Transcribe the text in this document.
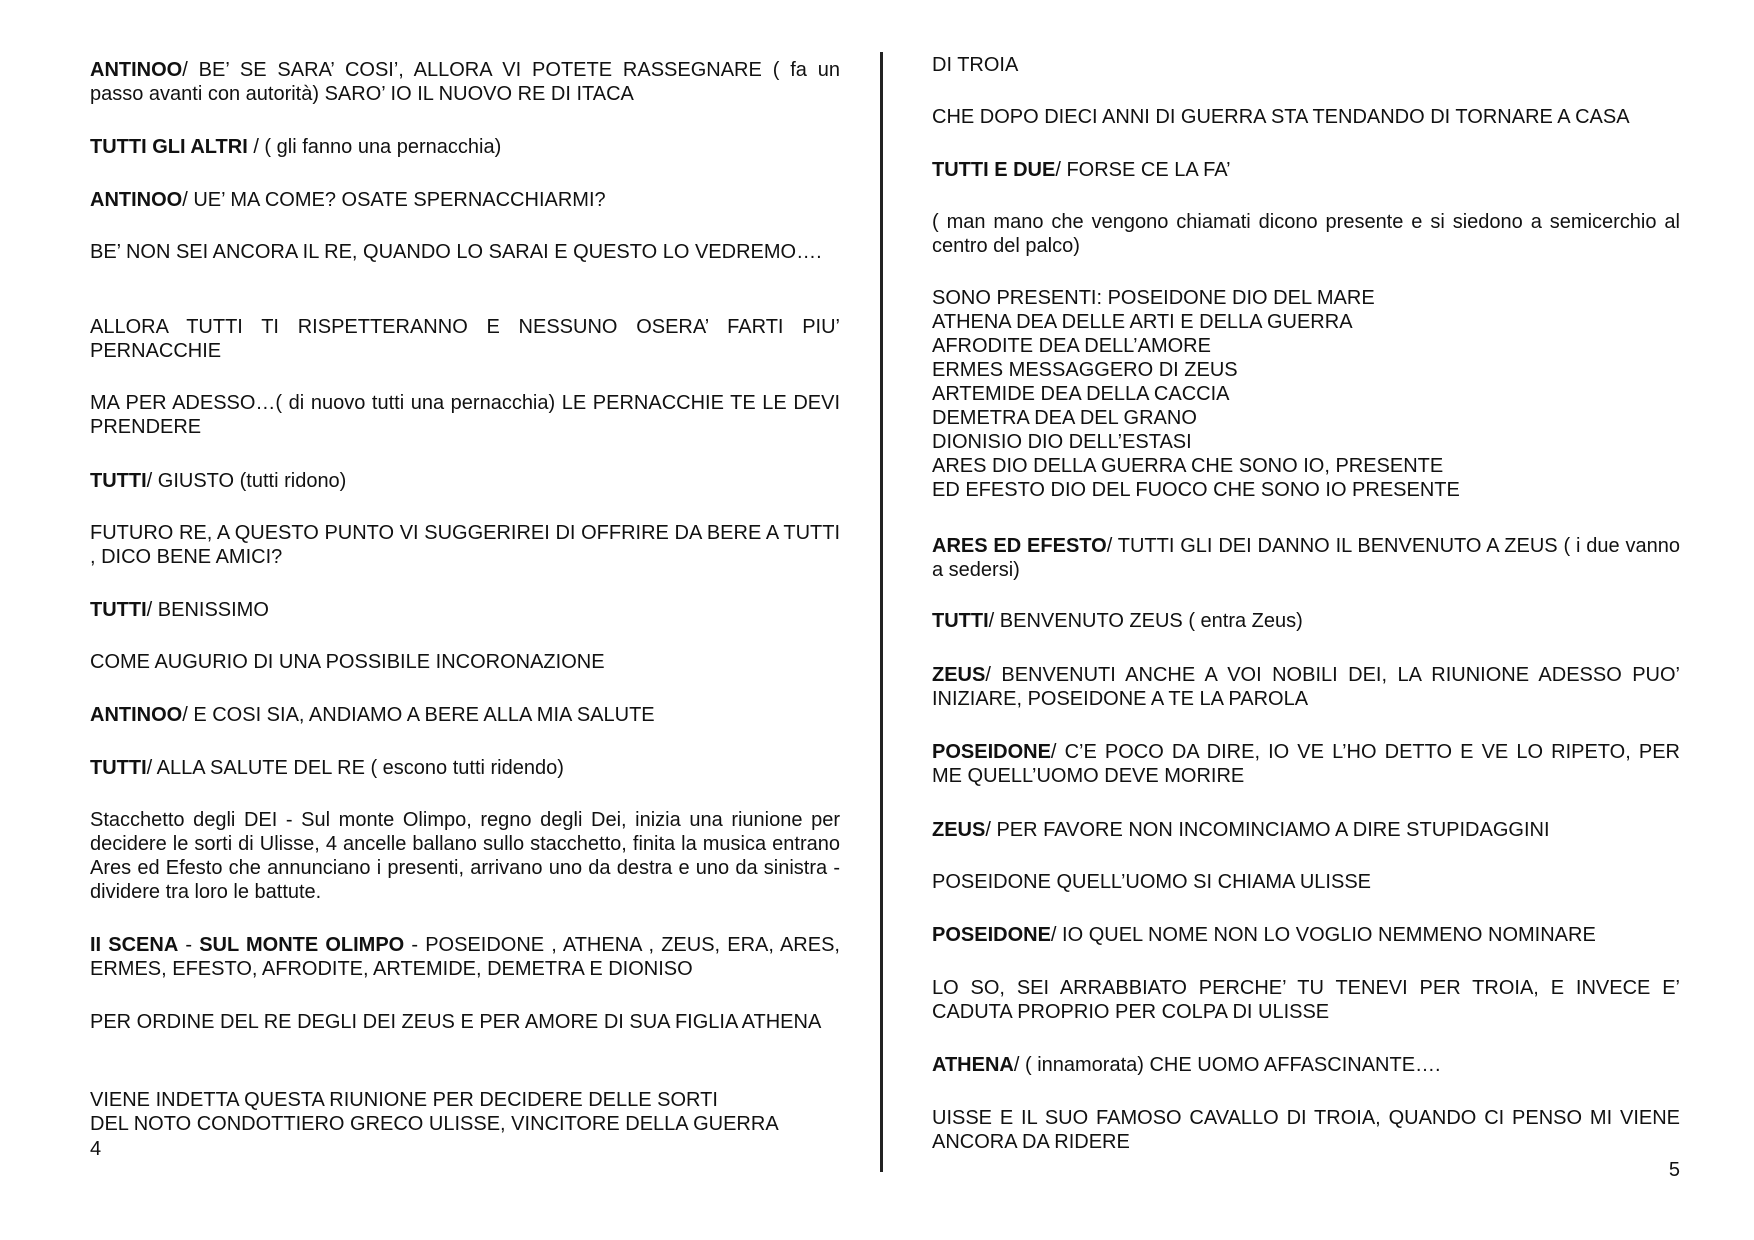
ANTINOO/ BE’ SE SARA’ COSI’, ALLORA VI POTETE RASSEGNARE ( fa un passo avanti con autorità) SARO’ IO IL NUOVO RE DI ITACA

TUTTI GLI ALTRI / ( gli fanno una pernacchia)

ANTINOO/ UE’ MA COME? OSATE SPERNACCHIARMI?

BE’ NON SEI ANCORA IL RE, QUANDO LO SARAI E QUESTO LO VEDREMO….

ALLORA TUTTI TI RISPETTERANNO E NESSUNO OSERA’ FARTI PIU’ PERNACCHIE

MA PER ADESSO…( di nuovo tutti una pernacchia) LE PERNACCHIE TE LE DEVI PRENDERE

TUTTI/ GIUSTO (tutti ridono)

FUTURO RE, A QUESTO PUNTO VI SUGGERIREI DI OFFRIRE DA BERE A TUTTI , DICO BENE AMICI?

TUTTI/ BENISSIMO

COME AUGURIO DI UNA POSSIBILE INCORONAZIONE

ANTINOO/ E COSI SIA, ANDIAMO A BERE ALLA MIA SALUTE

TUTTI/ ALLA SALUTE DEL RE ( escono tutti ridendo)

Stacchetto degli DEI - Sul monte Olimpo, regno degli Dei, inizia una riunione per decidere le sorti di Ulisse, 4 ancelle ballano sullo stacchetto, finita la musica entrano Ares ed Efesto che annunciano i presenti, arrivano uno da destra e uno da sinistra - dividere tra loro le battute.

II SCENA - SUL MONTE OLIMPO - POSEIDONE , ATHENA , ZEUS, ERA, ARES, ERMES, EFESTO, AFRODITE, ARTEMIDE, DEMETRA E DIONISO

PER ORDINE DEL RE DEGLI DEI ZEUS E PER AMORE DI SUA FIGLIA ATHENA

VIENE INDETTA QUESTA RIUNIONE PER DECIDERE DELLE SORTI
DEL NOTO CONDOTTIERO GRECO ULISSE, VINCITORE DELLA GUERRA

4

DI TROIA

CHE DOPO DIECI ANNI DI GUERRA STA TENDANDO DI TORNARE A CASA

TUTTI E DUE/ FORSE CE LA FA’

( man mano che vengono chiamati dicono presente e si siedono a semicerchio al centro del palco)

SONO PRESENTI: POSEIDONE DIO DEL MARE
ATHENA DEA DELLE ARTI E DELLA GUERRA
AFRODITE DEA DELL’AMORE
ERMES MESSAGGERO DI ZEUS
ARTEMIDE DEA DELLA CACCIA
DEMETRA DEA DEL GRANO
DIONISIO DIO DELL’ESTASI
ARES DIO DELLA GUERRA CHE SONO IO, PRESENTE
ED EFESTO DIO DEL FUOCO CHE SONO IO PRESENTE

ARES ED EFESTO/ TUTTI GLI DEI DANNO IL BENVENUTO A ZEUS ( i due vanno a sedersi)

TUTTI/ BENVENUTO ZEUS ( entra Zeus)

ZEUS/ BENVENUTI ANCHE A VOI NOBILI DEI, LA RIUNIONE ADESSO PUO’ INIZIARE, POSEIDONE A TE LA PAROLA

POSEIDONE/ C’E POCO DA DIRE, IO VE L’HO DETTO E VE LO RIPETO, PER ME QUELL’UOMO DEVE MORIRE

ZEUS/ PER FAVORE NON INCOMINCIAMO A DIRE STUPIDAGGINI

POSEIDONE QUELL’UOMO SI CHIAMA ULISSE

POSEIDONE/ IO QUEL NOME NON LO VOGLIO NEMMENO NOMINARE

LO SO, SEI ARRABBIATO PERCHE’ TU TENEVI PER TROIA, E INVECE E’ CADUTA PROPRIO PER COLPA DI ULISSE

ATHENA/ ( innamorata) CHE UOMO AFFASCINANTE….

UISSE E IL SUO FAMOSO CAVALLO DI TROIA, QUANDO CI PENSO MI VIENE ANCORA DA RIDERE

5
